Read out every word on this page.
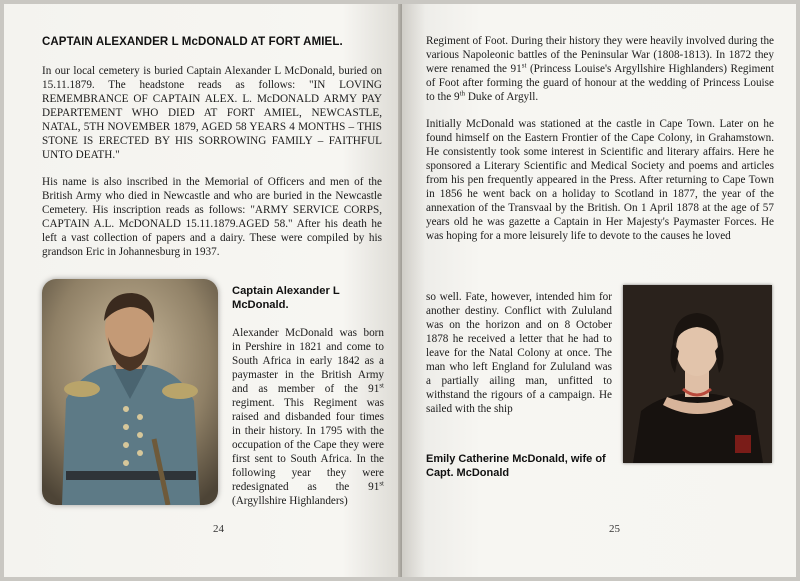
CAPTAIN ALEXANDER L McDONALD AT FORT AMIEL.

In our local cemetery is buried Captain Alexander L McDonald, buried on 15.11.1879. The headstone reads as follows: "IN LOVING REMEMBRANCE OF CAPTAIN ALEX. L. McDONALD ARMY PAY DEPARTEMENT WHO DIED AT FORT AMIEL, NEWCASTLE, NATAL, 5TH NOVEMBER 1879, AGED 58 YEARS 4 MONTHS – THIS STONE IS ERECTED BY HIS SORROWING FAMILY – FAITHFUL UNTO DEATH."

His name is also inscribed in the Memorial of Officers and men of the British Army who died in Newcastle and who are buried in the Newcastle Cemetery. His inscription reads as follows: "ARMY SERVICE CORPS, CAPTAIN A.L. McDONALD 15.11.1879.AGED 58." After his death he left a vast collection of papers and a dairy. These were compiled by his grandson Eric in Johannesburg in 1937.

Captain Alexander L McDonald.
Alexander McDonald was born in Pershire in 1821 and come to South Africa in early 1842 as a paymaster in the British Army and as member of the 91st regiment. This Regiment was raised and disbanded four times in their history. In 1795 with the occupation of the Cape they were first sent to South Africa. In the following year they were redesignated as the 91st (Argyllshire Highlanders)
24

Regiment of Foot. During their history they were heavily involved during the various Napoleonic battles of the Peninsular War (1808-1813). In 1872 they were renamed the 91st (Princess Louise's Argyllshire Highlanders) Regiment of Foot after forming the guard of honour at the wedding of Princess Louise to the 9th Duke of Argyll.

Initially McDonald was stationed at the castle in Cape Town. Later on he found himself on the Eastern Frontier of the Cape Colony, in Grahamstown. He consistently took some interest in Scientific and literary affairs. Here he sponsored a Literary Scientific and Medical Society and poems and articles from his pen frequently appeared in the Press. After returning to Cape Town in 1856 he went back on a holiday to Scotland in 1877, the year of the annexation of the Transvaal by the British. On 1 April 1878 at the age of 57 years old he was gazette a Captain in Her Majesty's Paymaster Forces. He was hoping for a more leisurely life to devote to the causes he loved

so well. Fate, however, intended him for another destiny. Conflict with Zululand was on the horizon and on 8 October 1878 he received a letter that he had to leave for the Natal Colony at once. The man who left England for Zululand was a partially ailing man, unfitted to withstand the rigours of a campaign. He sailed with the ship
Emily Catherine McDonald, wife of Capt. McDonald
25
